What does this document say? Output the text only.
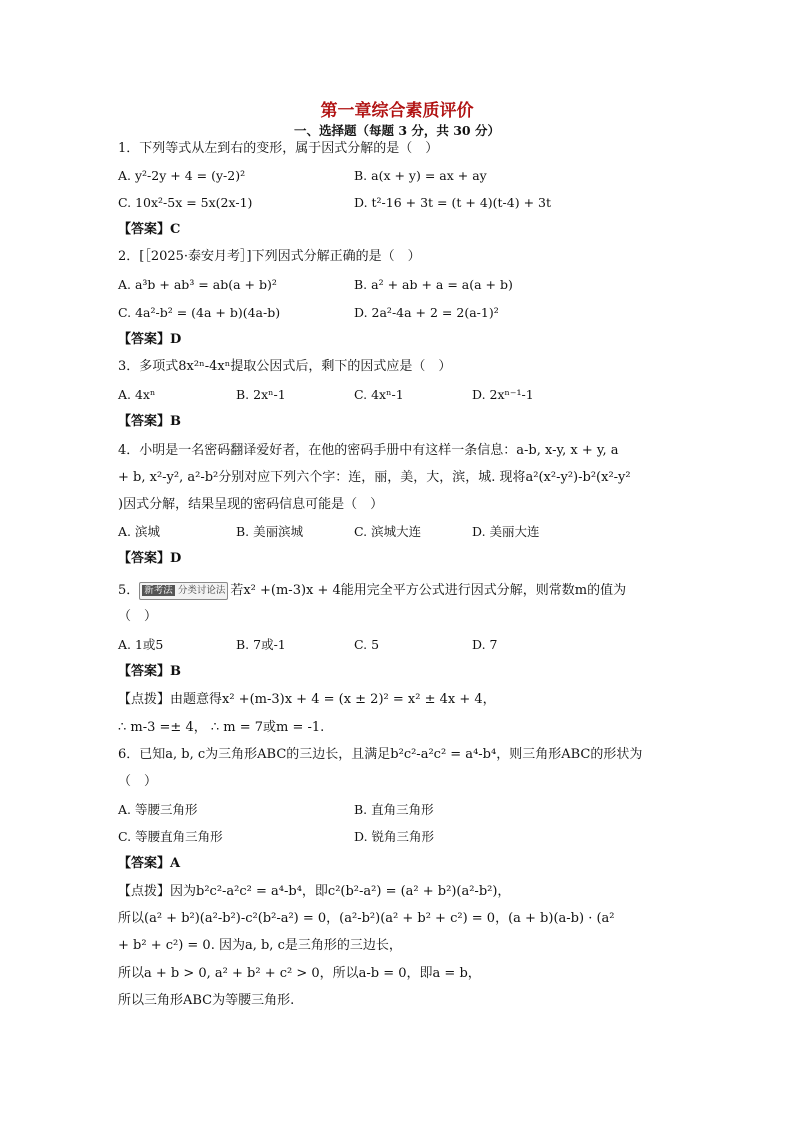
第一章综合素质评价
一、选择题（每题 3 分，共 30 分）
1．下列等式从左到右的变形，属于因式分解的是（　）
A. y²-2y + 4 = (y-2)²	B. a(x + y) = ax + ay
C. 10x²-5x = 5x(2x-1)	D. t²-16 + 3t = (t + 4)(t-4) + 3t
【答案】C
2．[［2025·泰安月考］]下列因式分解正确的是（　）
A. a³b + ab³ = ab(a + b)²	B. a² + ab + a = a(a + b)
C. 4a²-b² = (4a + b)(4a-b)	D. 2a²-4a + 2 = 2(a-1)²
【答案】D
3．多项式8x²ⁿ-4xⁿ提取公因式后，剩下的因式应是（　）
A. 4xⁿ	B. 2xⁿ-1	C. 4xⁿ-1	D. 2xⁿ⁻¹-1
【答案】B
4．小明是一名密码翻译爱好者，在他的密码手册中有这样一条信息：a-b, x-y, x + y, a
+ b, x²-y², a²-b²分别对应下列六个字：连，丽，美，大，滨，城. 现将a²(x²-y²)-b²(x²-y²
)因式分解，结果呈现的密码信息可能是（　）
A. 滨城	B. 美丽滨城	C. 滨城大连	D. 美丽大连
【答案】D
5． 新考法 分类讨论法 若x² +(m-3)x + 4能用完全平方公式进行因式分解，则常数m的值为
（　）
A. 1或5	B. 7或-1	C. 5	D. 7
【答案】B
【点拨】由题意得x² +(m-3)x + 4 = (x ± 2)² = x² ± 4x + 4，
∴ m-3 =± 4， ∴ m = 7或m = -1.
6．已知a, b, c为三角形ABC的三边长，且满足b²c²-a²c² = a⁴-b⁴，则三角形ABC的形状为
（　）
A. 等腰三角形	B. 直角三角形
C. 等腰直角三角形	D. 锐角三角形
【答案】A
【点拨】因为b²c²-a²c² = a⁴-b⁴，即c²(b²-a²) = (a² + b²)(a²-b²)，
所以(a² + b²)(a²-b²)-c²(b²-a²) = 0，(a²-b²)(a² + b² + c²) = 0，(a + b)(a-b) · (a²
+ b² + c²) = 0. 因为a, b, c是三角形的三边长，
所以a + b > 0, a² + b² + c² > 0，所以a-b = 0，即a = b，
所以三角形ABC为等腰三角形.
